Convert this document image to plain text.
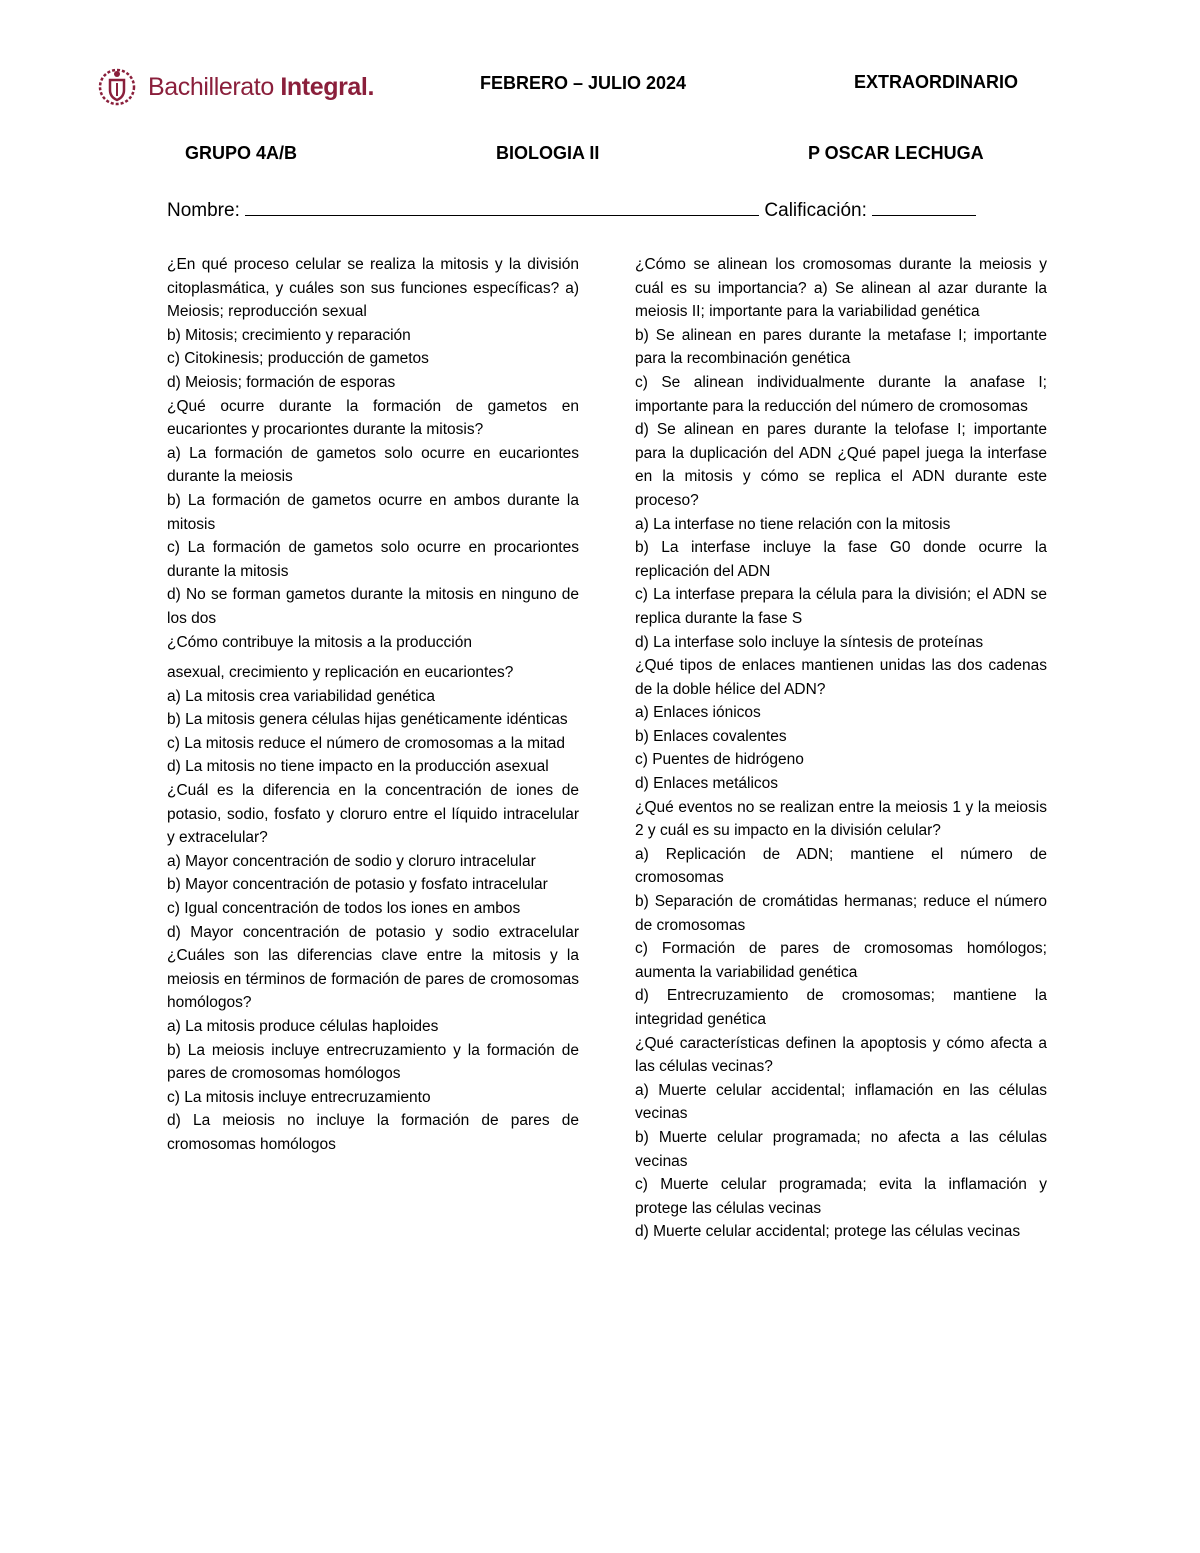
Bachillerato Integral.	FEBRERO – JULIO 2024	EXTRAORDINARIO
GRUPO 4A/B	BIOLOGIA II	P OSCAR LECHUGA
Nombre:	Calificación:

¿En qué proceso celular se realiza la mitosis y la división citoplasmática, y cuáles son sus funciones específicas? a) Meiosis; reproducción sexual

b) Mitosis; crecimiento y reparación

c) Citokinesis; producción de gametos

d) Meiosis; formación de esporas

¿Qué ocurre durante la formación de gametos en eucariontes y procariontes durante la mitosis?

a) La formación de gametos solo ocurre en eucariontes durante la meiosis

b) La formación de gametos ocurre en ambos durante la mitosis

c) La formación de gametos solo ocurre en procariontes durante la mitosis

d) No se forman gametos durante la mitosis en ninguno de los dos

¿Cómo contribuye la mitosis a la producción

asexual, crecimiento y replicación en eucariontes?

a) La mitosis crea variabilidad genética

b) La mitosis genera células hijas genéticamente idénticas

c) La mitosis reduce el número de cromosomas a la mitad

d) La mitosis no tiene impacto en la producción asexual

¿Cuál es la diferencia en la concentración de iones de potasio, sodio, fosfato y cloruro entre el líquido intracelular y extracelular?

a) Mayor concentración de sodio y cloruro intracelular

b) Mayor concentración de potasio y fosfato intracelular

c) Igual concentración de todos los iones en ambos

d) Mayor concentración de potasio y sodio extracelular ¿Cuáles son las diferencias clave entre la mitosis y la meiosis en términos de formación de pares de cromosomas homólogos?

a) La mitosis produce células haploides

b) La meiosis incluye entrecruzamiento y la formación de pares de cromosomas homólogos

c) La mitosis incluye entrecruzamiento

d) La meiosis no incluye la formación de pares de cromosomas homólogos

¿Cómo se alinean los cromosomas durante la meiosis y cuál es su importancia? a) Se alinean al azar durante la meiosis II; importante para la variabilidad genética

b) Se alinean en pares durante la metafase I; importante para la recombinación genética

c) Se alinean individualmente durante la anafase I; importante para la reducción del número de cromosomas

d) Se alinean en pares durante la telofase I; importante para la duplicación del ADN ¿Qué papel juega la interfase en la mitosis y cómo se replica el ADN durante este proceso?

a) La interfase no tiene relación con la mitosis

b) La interfase incluye la fase G0 donde ocurre la replicación del ADN

c) La interfase prepara la célula para la división; el ADN se replica durante la fase S

d) La interfase solo incluye la síntesis de proteínas

¿Qué tipos de enlaces mantienen unidas las dos cadenas de la doble hélice del ADN?

a) Enlaces iónicos

b) Enlaces covalentes

c) Puentes de hidrógeno

d) Enlaces metálicos

¿Qué eventos no se realizan entre la meiosis 1 y la meiosis 2 y cuál es su impacto en la división celular?

a) Replicación de ADN; mantiene el número de cromosomas

b) Separación de cromátidas hermanas; reduce el número de cromosomas

c) Formación de pares de cromosomas homólogos; aumenta la variabilidad genética

d) Entrecruzamiento de cromosomas; mantiene la integridad genética

¿Qué características definen la apoptosis y cómo afecta a las células vecinas?

a) Muerte celular accidental; inflamación en las células vecinas

b) Muerte celular programada; no afecta a las células vecinas

c) Muerte celular programada; evita la inflamación y protege las células vecinas

d) Muerte celular accidental; protege las células vecinas
